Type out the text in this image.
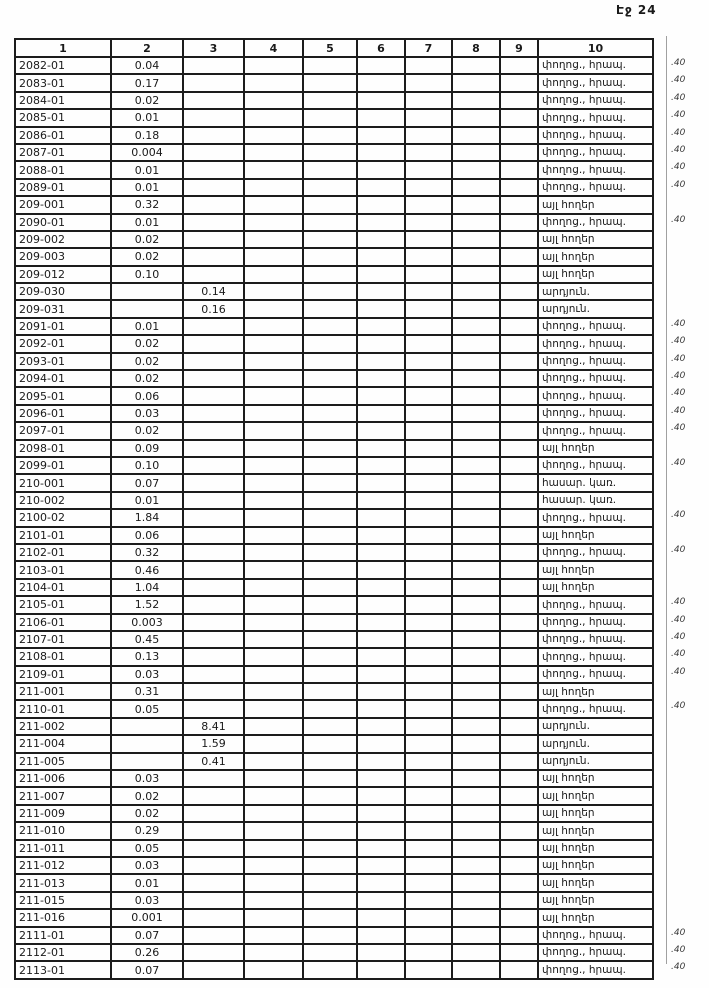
Էջ 24
1	2	3	4	5	6	7	8	9	10
2082-01	0.04								փողոց., հրապ.
2083-01	0.17								փողոց., հրապ.
2084-01	0.02								փողոց., հրապ.
2085-01	0.01								փողոց., հրապ.
2086-01	0.18								փողոց., հրապ.
2087-01	0.004								փողոց., հրապ.
2088-01	0.01								փողոց., հրապ.
2089-01	0.01								փողոց., հրապ.
209-001	0.32								այլ հողեր
2090-01	0.01								փողոց., հրապ.
209-002	0.02								այլ հողեր
209-003	0.02								այլ հողեր
209-012	0.10								այլ հողեր
209-030		0.14							արդյուն.
209-031		0.16							արդյուն.
2091-01	0.01								փողոց., հրապ.
2092-01	0.02								փողոց., հրապ.
2093-01	0.02								փողոց., հրապ.
2094-01	0.02								փողոց., հրապ.
2095-01	0.06								փողոց., հրապ.
2096-01	0.03								փողոց., հրապ.
2097-01	0.02								փողոց., հրապ.
2098-01	0.09								այլ հողեր
2099-01	0.10								փողոց., հրապ.
210-001	0.07								հասար. կառ.
210-002	0.01								հասար. կառ.
2100-02	1.84								փողոց., հրապ.
2101-01	0.06								այլ հողեր
2102-01	0.32								փողոց., հրապ.
2103-01	0.46								այլ հողեր
2104-01	1.04								այլ հողեր
2105-01	1.52								փողոց., հրապ.
2106-01	0.003								փողոց., հրապ.
2107-01	0.45								փողոց., հրապ.
2108-01	0.13								փողոց., հրապ.
2109-01	0.03								փողոց., հրապ.
211-001	0.31								այլ հողեր
2110-01	0.05								փողոց., հրապ.
211-002		8.41							արդյուն.
211-004		1.59							արդյուն.
211-005		0.41							արդյուն.
211-006	0.03								այլ հողեր
211-007	0.02								այլ հողեր
211-009	0.02								այլ հողեր
211-010	0.29								այլ հողեր
211-011	0.05								այլ հողեր
211-012	0.03								այլ հողեր
211-013	0.01								այլ հողեր
211-015	0.03								այլ հողեր
211-016	0.001								այլ հողեր
2111-01	0.07								փողոց., հրապ.
2112-01	0.26								փողոց., հրապ.
2113-01	0.07								փողոց., հրապ.
.40
.40
.40
.40
.40
.40
.40
.40
.40
.40
.40
.40
.40
.40
.40
.40
.40
.40
.40
.40
.40
.40
.40
.40
.40
.40
.40
.40
